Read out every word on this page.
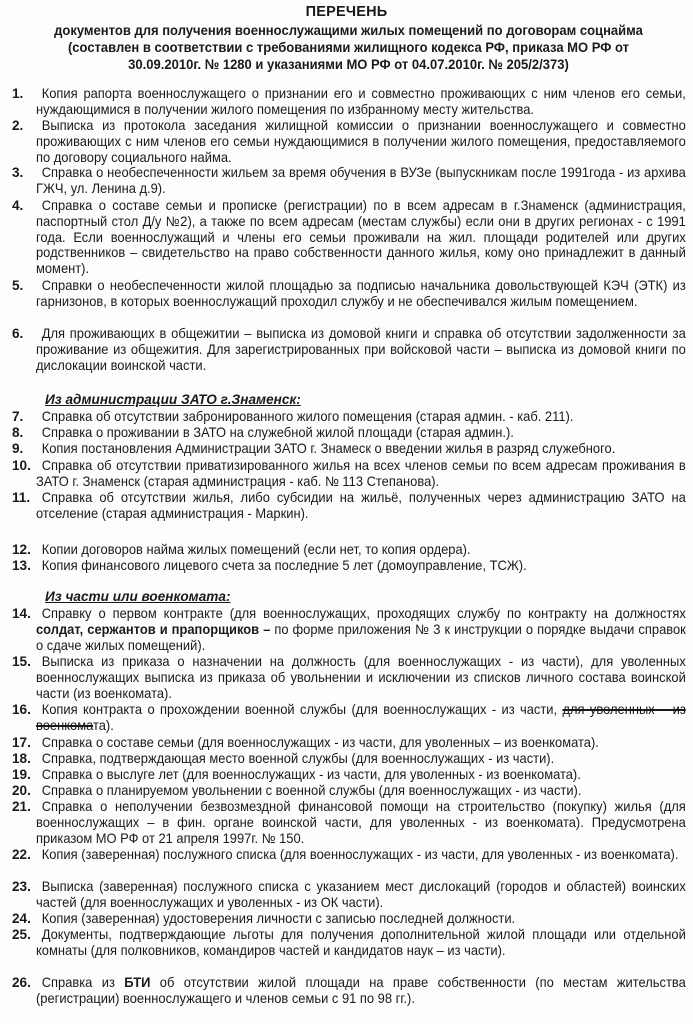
ПЕРЕЧЕНЬ
документов для получения военнослужащими жилых помещений по договорам соцнайма
(составлен в соответствии с требованиями жилищного кодекса РФ, приказа МО РФ от
30.09.2010г. № 1280 и указаниями МО РФ от 04.07.2010г. № 205/2/373)
1.	Копия рапорта военнослужащего о признании его и совместно проживающих с ним членов его семьи, нуждающимися в получении жилого помещения по избранному месту жительства.
2.	Выписка из протокола заседания жилищной комиссии о признании военнослужащего и совместно проживающих с ним членов его семьи нуждающимися в получении жилого помещения, предоставляемого по договору социального найма.
3.	Справка о необеспеченности жильем за время обучения в ВУЗе (выпускникам после 1991года - из архива ГЖЧ, ул. Ленина д.9).
4.	Справка о составе семьи и прописке (регистрации) по в всем адресам в г.Знаменск (администрация, паспортный стол Д/у №2), а также по всем адресам (местам службы) если они в других регионах - с 1991 года. Если военнослужащий и члены его семьи проживали на жил. площади родителей или других родственников – свидетельство на право собственности данного жилья, кому оно принадлежит в данный момент).
5.	Справки о необеспеченности жилой площадью за подписью начальника довольствующей КЭЧ (ЭТК) из гарнизонов, в которых военнослужащий проходил службу и не обеспечивался жилым помещением.
6.	Для проживающих в общежитии – выписка из домовой книги и справка об отсутствии задолженности за проживание из общежития. Для зарегистрированных при войсковой части – выписка из домовой книги по дислокации воинской части.
Из администрации ЗАТО г.Знаменск:
7.	Справка об отсутствии забронированного жилого помещения (старая админ. - каб. 211).
8.	Справка о проживании в ЗАТО на служебной жилой площади (старая админ.).
9.	Копия постановления Администрации ЗАТО г. Знамеск о введении жилья в разряд служебного.
10. Справка об отсутствии приватизированного жилья на всех членов семьи по всем адресам проживания в ЗАТО г. Знаменск (старая администрация - каб. № 113 Степанова).
11. Справка об отсутствии жилья, либо субсидии на жильё, полученных через администрацию ЗАТО на отселение (старая администрация - Маркин).
12. Копии договоров найма жилых помещений (если нет, то копия ордера).
13. Копия финансового лицевого счета за последние 5 лет (домоуправление, ТСЖ).
Из части или военкомата:
14. Справку о первом контракте (для военнослужащих, проходящих службу по контракту на должностях солдат, сержантов и прапорщиков – по форме приложения № 3 к инструкции о порядке выдачи справок о сдаче жилых помещений).
15. Выписка из приказа о назначении на должность (для военнослужащих - из части), для уволенных военнослужащих выписка из приказа об увольнении и исключении из списков личного состава воинской части (из военкомата).
16. Копия контракта о прохождении военной службы (для военнослужащих - из части, для уволенных – из военкомата).
17. Справка о составе семьи (для военнослужащих - из части, для уволенных – из военкомата).
18. Справка, подтверждающая место военной службы (для военнослужащих - из части).
19. Справка о выслуге лет (для военнослужащих - из части, для уволенных - из военкомата).
20. Справка о планируемом увольнении с военной службы (для военнослужащих - из части).
21. Справка о неполучении безвозмездной финансовой помощи на строительство (покупку) жилья (для военнослужащих – в фин. органе воинской части, для уволенных - из военкомата). Предусмотрена приказом МО РФ от 21 апреля 1997г. № 150.
22. Копия (заверенная) послужного списка (для военнослужащих - из части, для уволенных - из военкомата).
23. Выписка (заверенная) послужного списка с указанием мест дислокаций (городов и областей) воинских частей (для военнослужащих и уволенных - из ОК части).
24. Копия (заверенная) удостоверения личности с записью последней должности.
25. Документы, подтверждающие льготы для получения дополнительной жилой площади или отдельной комнаты (для полковников, командиров частей и кандидатов наук – из части).
26. Справка из БТИ об отсутствии жилой площади на праве собственности (по местам жительства (регистрации) военнослужащего и членов семьи с 91 по 98 гг.).
